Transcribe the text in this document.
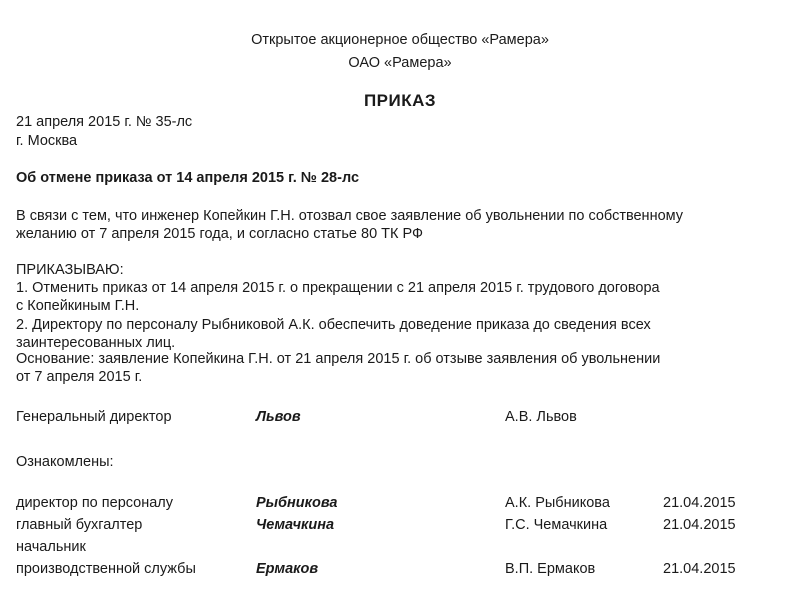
Открытое акционерное общество «Рамера»
ОАО «Рамера»
ПРИКАЗ
21 апреля 2015 г. № 35-лс
г. Москва
Об отмене приказа от 14 апреля 2015 г. № 28-лс
В связи с тем, что инженер Копейкин Г.Н. отозвал свое заявление об увольнении по собственному
желанию от 7 апреля 2015 года, и согласно статье 80 ТК РФ
ПРИКАЗЫВАЮ:
1. Отменить приказ от 14 апреля 2015 г. о прекращении с 21 апреля 2015 г. трудового договора
с Копейкиным Г.Н.
2. Директору по персоналу Рыбниковой А.К. обеспечить доведение приказа до сведения всех
заинтересованных лиц.
Основание: заявление Копейкина Г.Н. от 21 апреля 2015 г. об отзыве заявления об увольнении
от 7 апреля 2015 г.
Генеральный директор	Львов	А.В. Львов
Ознакомлены:
директор по персоналу	Рыбникова	А.К. Рыбникова	21.04.2015
главный бухгалтер	Чемачкина	Г.С. Чемачкина	21.04.2015
начальник
производственной службы	Ермаков	В.П. Ермаков	21.04.2015
